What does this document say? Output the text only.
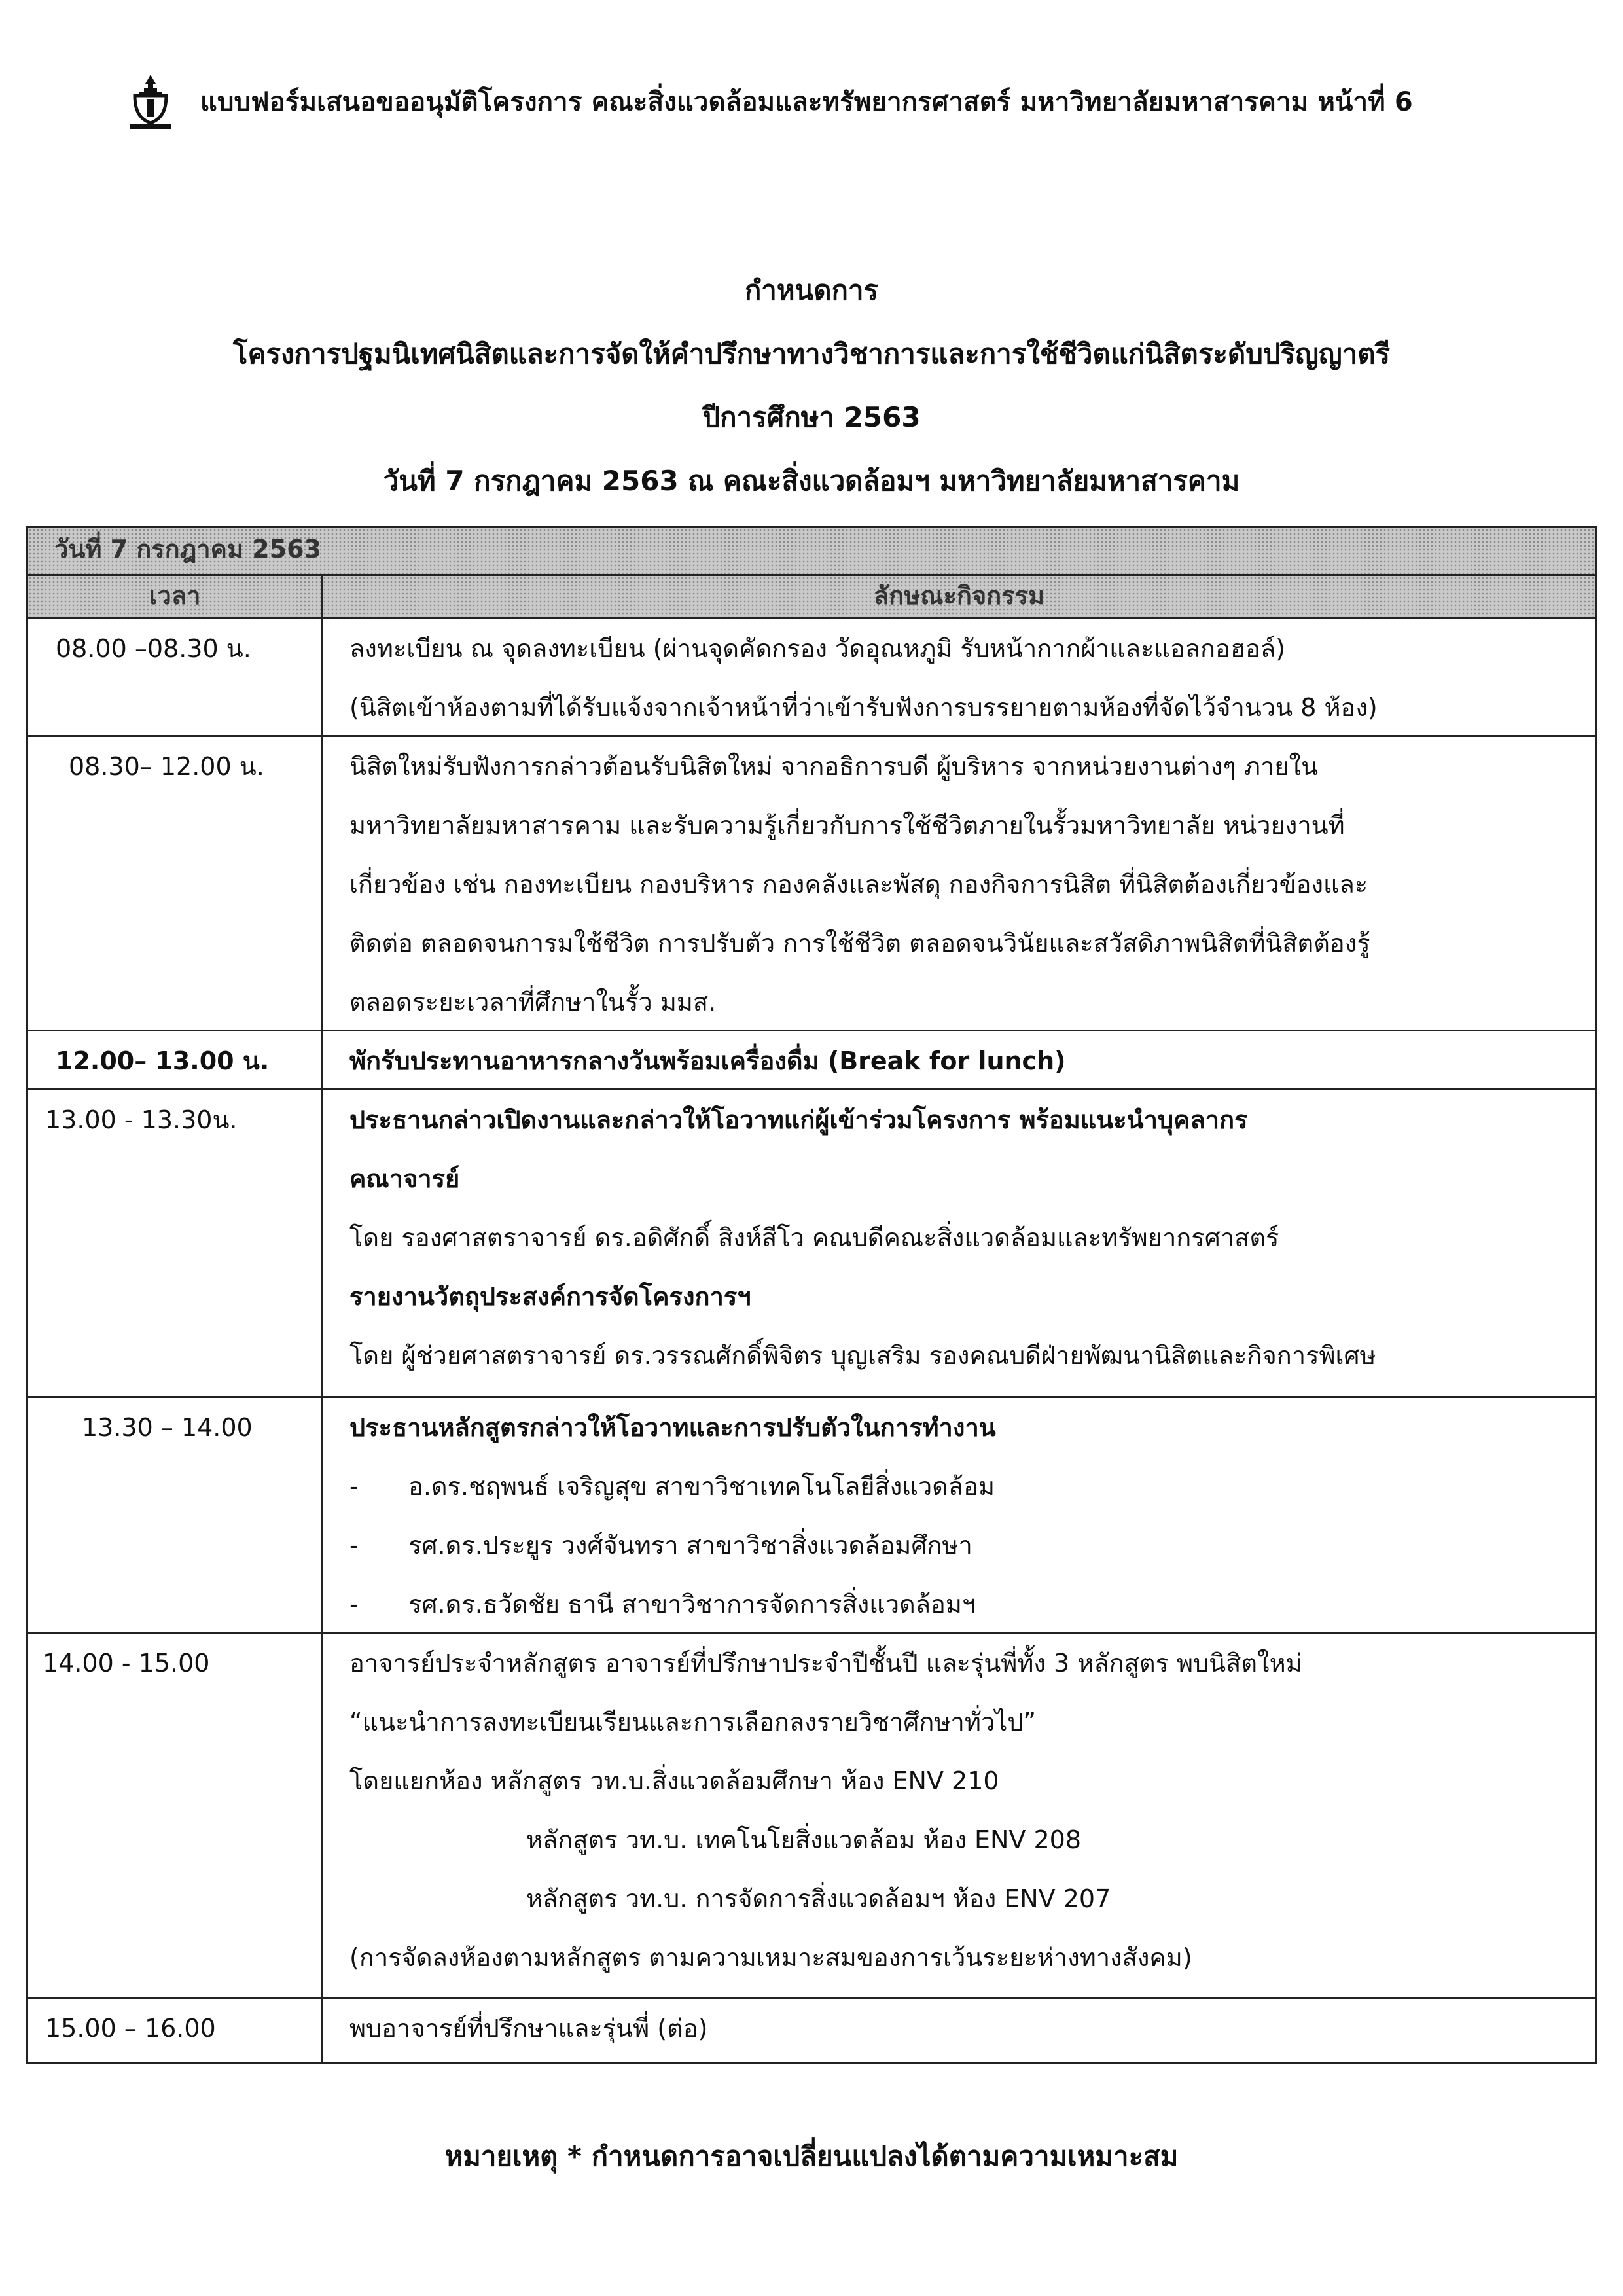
แบบฟอร์มเสนอขออนุมัติโครงการ คณะสิ่งแวดล้อมและทรัพยากรศาสตร์ มหาวิทยาลัยมหาสารคาม หน้าที่ 6
กำหนดการ
โครงการปฐมนิเทศนิสิตและการจัดให้คำปรึกษาทางวิชาการและการใช้ชีวิตแก่นิสิตระดับปริญญาตรี
ปีการศึกษา 2563
วันที่ 7 กรกฎาคม 2563 ณ คณะสิ่งแวดล้อมฯ มหาวิทยาลัยมหาสารคาม
วันที่ 7 กรกฎาคม 2563
เวลา	ลักษณะกิจกรรม
08.00 –08.30 น.	ลงทะเบียน ณ จุดลงทะเบียน (ผ่านจุดคัดกรอง วัดอุณหภูมิ รับหน้ากากผ้าและแอลกอฮอล์)
(นิสิตเข้าห้องตามที่ได้รับแจ้งจากเจ้าหน้าที่ว่าเข้ารับฟังการบรรยายตามห้องที่จัดไว้จำนวน 8 ห้อง)
08.30– 12.00 น.	นิสิตใหม่รับฟังการกล่าวต้อนรับนิสิตใหม่ จากอธิการบดี ผู้บริหาร จากหน่วยงานต่างๆ ภายใน
มหาวิทยาลัยมหาสารคาม และรับความรู้เกี่ยวกับการใช้ชีวิตภายในรั้วมหาวิทยาลัย หน่วยงานที่
เกี่ยวข้อง เช่น กองทะเบียน กองบริหาร กองคลังและพัสดุ กองกิจการนิสิต ที่นิสิตต้องเกี่ยวข้องและ
ติดต่อ ตลอดจนการมใช้ชีวิต การปรับตัว การใช้ชีวิต ตลอดจนวินัยและสวัสดิภาพนิสิตที่นิสิตต้องรู้
ตลอดระยะเวลาที่ศึกษาในรั้ว มมส.
12.00– 13.00 น.	พักรับประทานอาหารกลางวันพร้อมเครื่องดื่ม (Break for lunch)
13.00 - 13.30น.	ประธานกล่าวเปิดงานและกล่าวให้โอวาทแก่ผู้เข้าร่วมโครงการ พร้อมแนะนำบุคลากร
คณาจารย์
โดย รองศาสตราจารย์ ดร.อดิศักดิ์ สิงห์สีโว คณบดีคณะสิ่งแวดล้อมและทรัพยากรศาสตร์
รายงานวัตถุประสงค์การจัดโครงการฯ
โดย ผู้ช่วยศาสตราจารย์ ดร.วรรณศักดิ์พิจิตร บุญเสริม รองคณบดีฝ่ายพัฒนานิสิตและกิจการพิเศษ
13.30 – 14.00	ประธานหลักสูตรกล่าวให้โอวาทและการปรับตัวในการทำงาน
- อ.ดร.ชฤพนธ์ เจริญสุข สาขาวิชาเทคโนโลยีสิ่งแวดล้อม
- รศ.ดร.ประยูร วงศ์จันทรา สาขาวิชาสิ่งแวดล้อมศึกษา
- รศ.ดร.ธวัดชัย ธานี สาขาวิชาการจัดการสิ่งแวดล้อมฯ
14.00 - 15.00	อาจารย์ประจำหลักสูตร อาจารย์ที่ปรึกษาประจำปีชั้นปี และรุ่นพี่ทั้ง 3 หลักสูตร พบนิสิตใหม่
“แนะนำการลงทะเบียนเรียนและการเลือกลงรายวิชาศึกษาทั่วไป”
โดยแยกห้อง หลักสูตร วท.บ.สิ่งแวดล้อมศึกษา ห้อง ENV 210
หลักสูตร วท.บ. เทคโนโยสิ่งแวดล้อม ห้อง ENV 208
หลักสูตร วท.บ. การจัดการสิ่งแวดล้อมฯ ห้อง ENV 207
(การจัดลงห้องตามหลักสูตร ตามความเหมาะสมของการเว้นระยะห่างทางสังคม)
15.00 – 16.00	พบอาจารย์ที่ปรึกษาและรุ่นพี่ (ต่อ)
หมายเหตุ * กำหนดการอาจเปลี่ยนแปลงได้ตามความเหมาะสม
